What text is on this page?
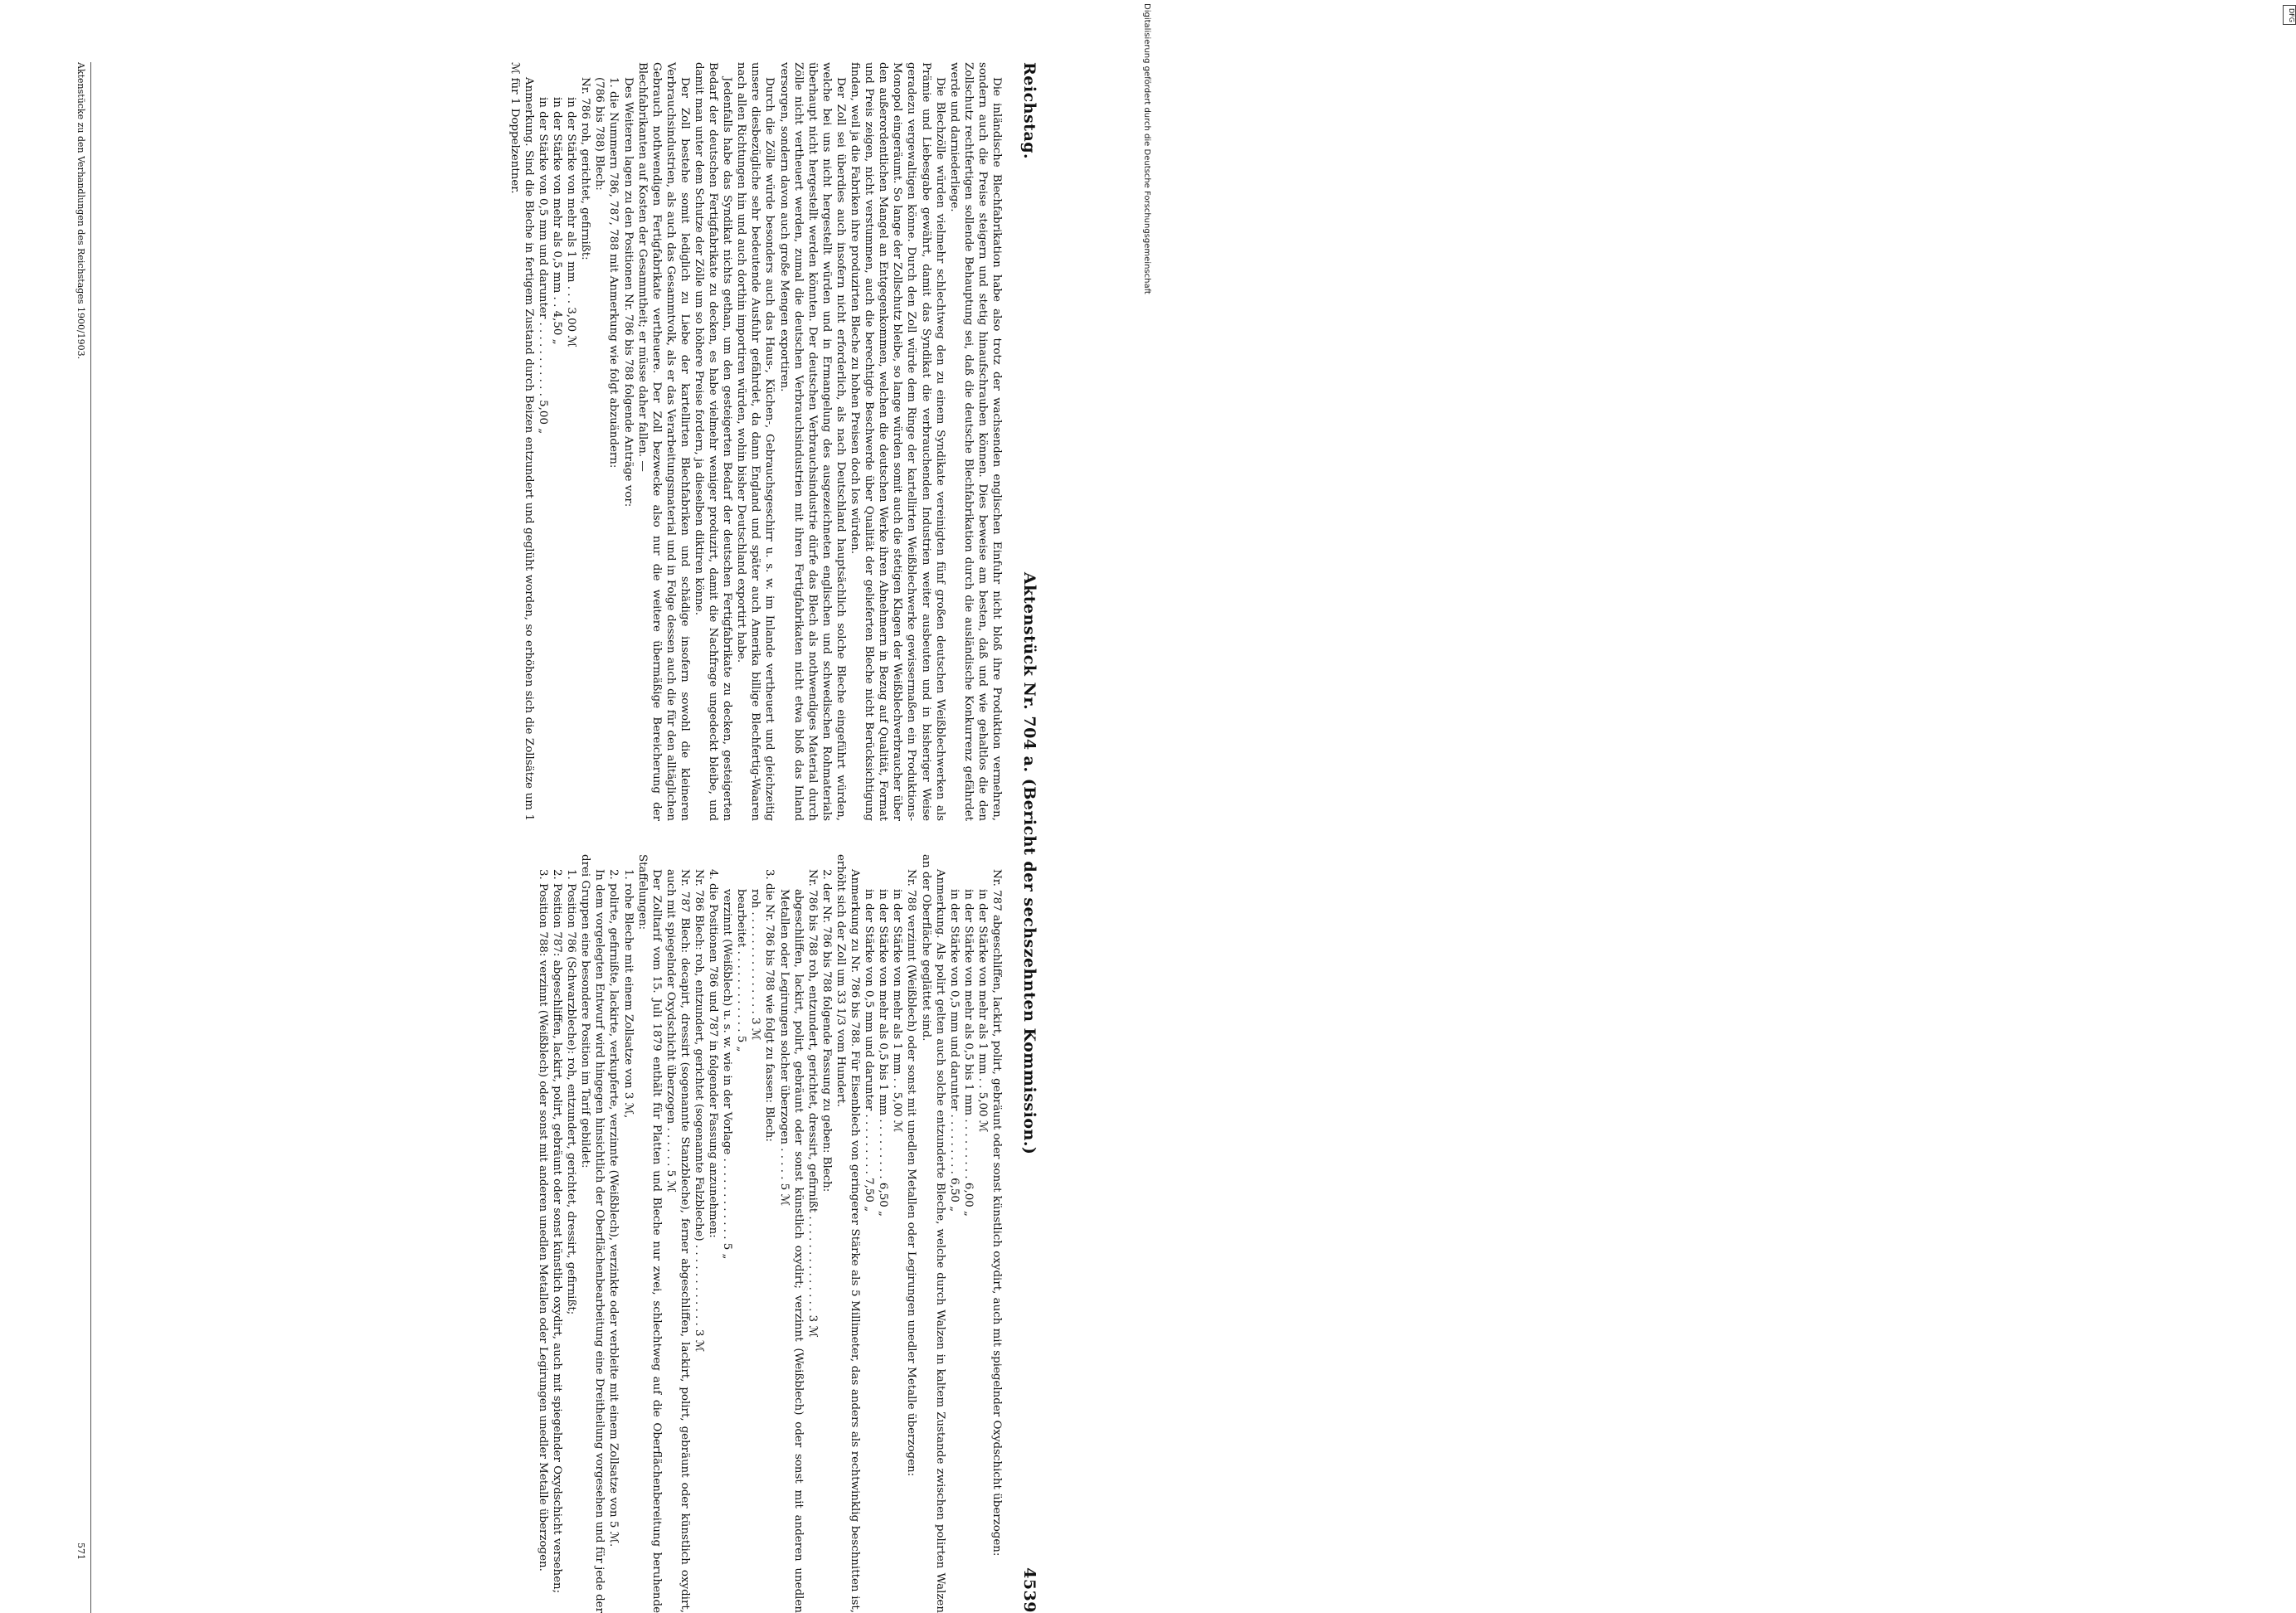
Reichstag.
Aktenstück Nr. 704 a. (Bericht der sechszehnten Kommission.)
4539

Die inländische Blechfabrikation habe also trotz der wachsenden englischen Einfuhr nicht bloß ihre Produktion vermehren, sondern auch die Preise steigern und stetig hinaufschrauben können. Dies beweise am besten, daß und wie gehaltlos die den Zollschutz rechtfertigen sollende Behauptung sei, daß die deutsche Blechfabrikation durch die ausländische Konkurrenz gefährdet werde und darniederliege.

Die Blechzölle würden vielmehr schlechtweg den zu einem Syndikate vereinigten fünf großen deutschen Weißblechwerken als Prämie und Liebesgabe gewährt, damit das Syndikat die verbrauchenden Industrien weiter ausbeuten und in bisheriger Weise geradezu vergewaltigen könne. Durch den Zoll würde dem Ringe der kartellirten Weißblechwerke gewissermaßen ein Produktions-Monopol eingeräumt. So lange der Zollschutz bleibe, so lange würden somit auch die stetigen Klagen der Weißblechverbraucher über den außerordentlichen Mangel an Entgegenkommen, welchen die deutschen Werke ihren Abnehmern in Bezug auf Qualität, Format und Preis zeigen, nicht verstummen, auch die berechtigte Beschwerde über Qualität der gelieferten Bleche nicht Berücksichtigung finden, weil ja die Fabriken ihre produzirten Bleche zu hohen Preisen doch los würden.

Der Zoll sei überdies auch insofern nicht erforderlich, als nach Deutschland hauptsächlich solche Bleche eingeführt würden, welche bei uns nicht hergestellt würden und in Ermangelung des ausgezeichneten englischen und schwedischen Rohmaterials überhaupt nicht hergestellt werden könnten. Der deutschen Verbrauchsindustrie dürfe das Blech als nothwendiges Material durch Zölle nicht vertheuert werden, zumal die deutschen Verbrauchsindustrien mit ihren Fertigfabrikaten nicht etwa bloß das Inland versorgen, sondern davon auch große Mengen exportiren.

Durch die Zölle würde besonders auch das Haus-, Küchen-, Gebrauchsgeschirr u. s. w. im Inlande vertheuert und gleichzeitig unsere diesbezügliche sehr bedeutende Ausfuhr gefährdet, da dann England und später auch Amerika billige Blechfertig-Waaren nach allen Richtungen hin und auch dorthin importiren würden, wohin bisher Deutschland exportirt habe.

Jedenfalls habe das Syndikat nichts gethan, um den gesteigerten Bedarf der deutschen Fertigfabrikate zu decken, gesteigerten Bedarf der deutschen Fertigfabrikate zu decken, es habe vielmehr weniger produzirt, damit die Nachfrage ungedeckt bleibe, und damit man unter dem Schutze der Zölle um so höhere Preise fordern, ja dieselben diktiren könne.

Der Zoll bestehe somit lediglich zu Liebe der kartellirten Blechfabriken und schädige insofern sowohl die kleineren Verbrauchsindustrien, als auch das Gesammtvolk, als er das Verarbeitungsmaterial und in Folge dessen auch die für den alltäglichen Gebrauch nothwendigen Fertigfabrikate vertheuere. Der Zoll bezwecke also nur die weitere übermäßige Bereicherung der Blechfabrikanten auf Kosten der Gesammtheit; er müsse daher fallen. —

Des Weiteren lagen zu den Positionen Nr. 786 bis 788 folgende Anträge vor:

1. die Nummern 786, 787, 788 mit Anmerkung wie folgt abzuändern:

(786 bis 788) Blech:

Nr. 786 roh, gerichtet, gefirnißt:

in der Stärke von mehr als 1 mm . . . 3,00 ℳ

in der Stärke von mehr als 0,5 mm . . 4,50 „

in der Stärke von 0,5 mm und darunter . . . . . . . . . . . 5,00 „

Anmerkung. Sind die Bleche in fertigem Zustand durch Beizen entzundert und geglüht worden, so erhöhen sich die Zollsätze um 1 ℳ für 1 Doppelzentner.

Nr. 787 abgeschliffen, lackirt, polirt, gebräunt oder sonst künstlich oxydirt, auch mit spiegelnder Oxydschicht überzogen:

in der Stärke von mehr als 1 mm . . 5,00 ℳ

in der Stärke von mehr als 0,5 bis 1 mm . . . . . . . . . 6,00 „

in der Stärke von 0,5 mm und darunter . . . . . . . . . 6,50 „

Anmerkung. Als polirt gelten auch solche entzunderte Bleche, welche durch Walzen in kaltem Zustande zwischen polirten Walzen an der Oberfläche geglättet sind.

Nr. 788 verzinnt (Weißblech) oder sonst mit unedlen Metallen oder Legirungen unedler Metalle überzogen:

in der Stärke von mehr als 1 mm . . 5,00 ℳ

in der Stärke von mehr als 0,5 bis 1 mm . . . . . . . . . 6,50 „

in der Stärke von 0,5 mm und darunter . . . . . . . . . 7,50 „

Anmerkung zu Nr. 786 bis 788. Für Eisenblech von geringerer Stärke als 5 Millimeter, das anders als rechtwinklig beschnitten ist, erhöht sich der Zoll um 33 1/3 vom Hundert.

2. der Nr. 786 bis 788 folgende Fassung zu geben: Blech:

Nr. 786 bis 788 roh, entzundert, gerichtet, dressirt, gefirnißt . . . . . . . . . . . . . . 3 ℳ

abgeschliffen, lackirt, polirt, gebräunt oder sonst künstlich oxydirt; verzinnt (Weißblech) oder sonst mit anderen unedlen Metallen oder Legirungen solcher überzogen . . . . . 5 ℳ

3. die Nr. 786 bis 788 wie folgt zu fassen: Blech:

roh . . . . . . . . . . . . . . . 3 ℳ

bearbeitet . . . . . . . . . . . . 5 „

verzinnt (Weißblech) u. s. w. wie in der Vorlage . . . . . . . . . . . . 5 „

4. die Positionen 786 und 787 in folgender Fassung anzunehmen:

Nr. 786 Blech: roh, entzundert, gerichtet (sogenannte Falzbleche) . . . . . . . . . . . . 3 ℳ

Nr. 787 Blech: decapirt, dressirt (sogenannte Stanzbleche), ferner abgeschliffen, lackirt, polirt, gebräunt oder künstlich oxydirt, auch mit spiegelnder Oxydschicht überzogen . . . . . . 5 ℳ

Der Zolltarif vom 15. Juli 1879 enthält für Platten und Bleche nur zwei, schlechtweg auf die Oberflächenbereitung beruhende Staffelungen:

1. rohe Bleche mit einem Zollsatze von 3 ℳ,

2. polirte, gefirnißte, lackirte, verkupferte, verzinnte (Weißblech), verzinkte oder verbleite mit einem Zollsatze von 5 ℳ.

In dem vorgelegten Entwurf wird hingegen hinsichtlich der Oberflächenbearbeitung eine Dreitheilung vorgesehen und für jede der drei Gruppen eine besondere Position im Tarif gebildet:

1. Position 786 (Schwarzbleche): roh, entzundert, gerichtet, dressirt, gefirnißt;

2. Position 787: abgeschliffen, lackirt, polirt, gebräunt oder sonst künstlich oxydirt, auch mit spiegelnder Oxydschicht versehen;

3. Position 788: verzinnt (Weißblech) oder sonst mit anderen unedlen Metallen oder Legirungen unedler Metalle überzogen.

Aktenstücke zu den Verhandlungen des Reichstages 1900/1903.
571
DFG
Digitalisierung gefördert durch die Deutsche Forschungsgemeinschaft
